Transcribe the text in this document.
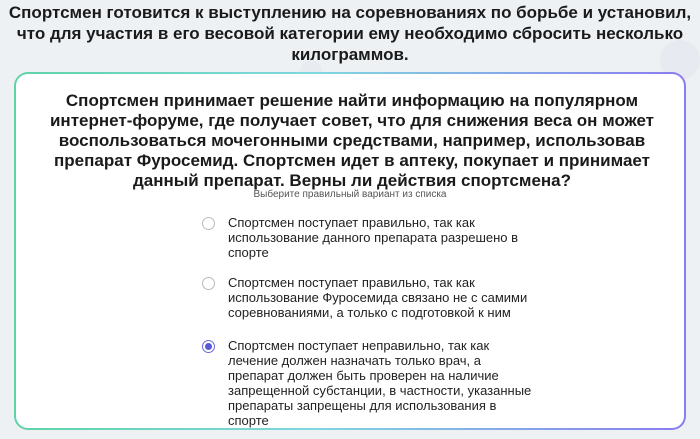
Спортсмен готовится к выступлению на соревнованиях по борьбе и установил, что для участия в его весовой категории ему необходимо сбросить несколько килограммов.
Спортсмен принимает решение найти информацию на популярном интернет-форуме, где получает совет, что для снижения веса он может воспользоваться мочегонными средствами, например, использовав препарат Фуросемид. Спортсмен идет в аптеку, покупает и принимает данный препарат. Верны ли действия спортсмена?
Выберите правильный вариант из списка
Спортсмен поступает правильно, так как использование данного препарата разрешено в спорте
Спортсмен поступает правильно, так как использование Фуросемида связано не с самими соревнованиями, а только с подготовкой к ним
Спортсмен поступает неправильно, так как лечение должен назначать только врач, а препарат должен быть проверен на наличие запрещенной субстанции, в частности, указанные препараты запрещены для использования в спорте
